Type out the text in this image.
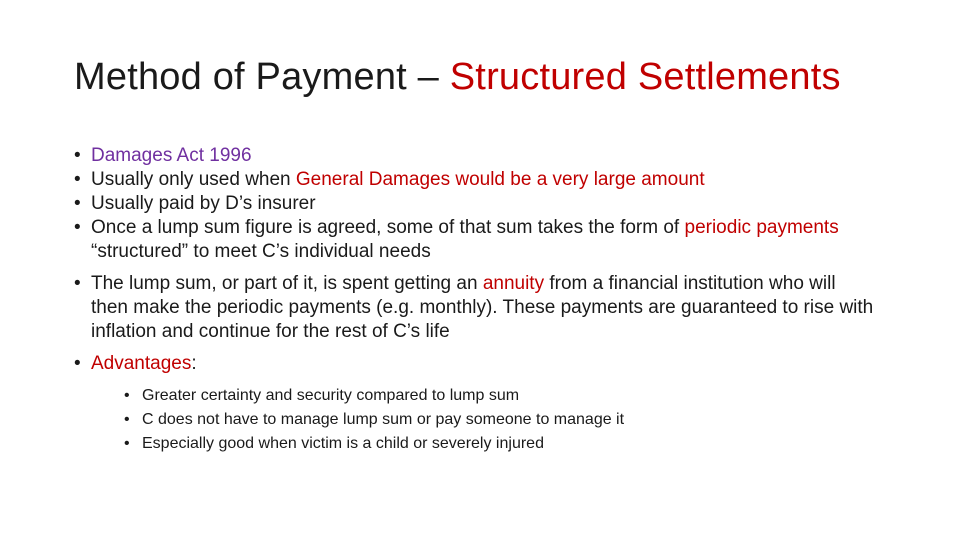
Method of Payment – Structured Settlements
• Damages Act 1996
• Usually only used when General Damages would be a very large amount
• Usually paid by D’s insurer
• Once a lump sum figure is agreed, some of that sum takes the form of periodic payments “structured” to meet C’s individual needs
• The lump sum, or part of it, is spent getting an annuity from a financial institution who will then make the periodic payments (e.g. monthly). These payments are guaranteed to rise with inflation and continue for the rest of C’s life
• Advantages:
• Greater certainty and security compared to lump sum
• C does not have to manage lump sum or pay someone to manage it
• Especially good when victim is a child or severely injured
